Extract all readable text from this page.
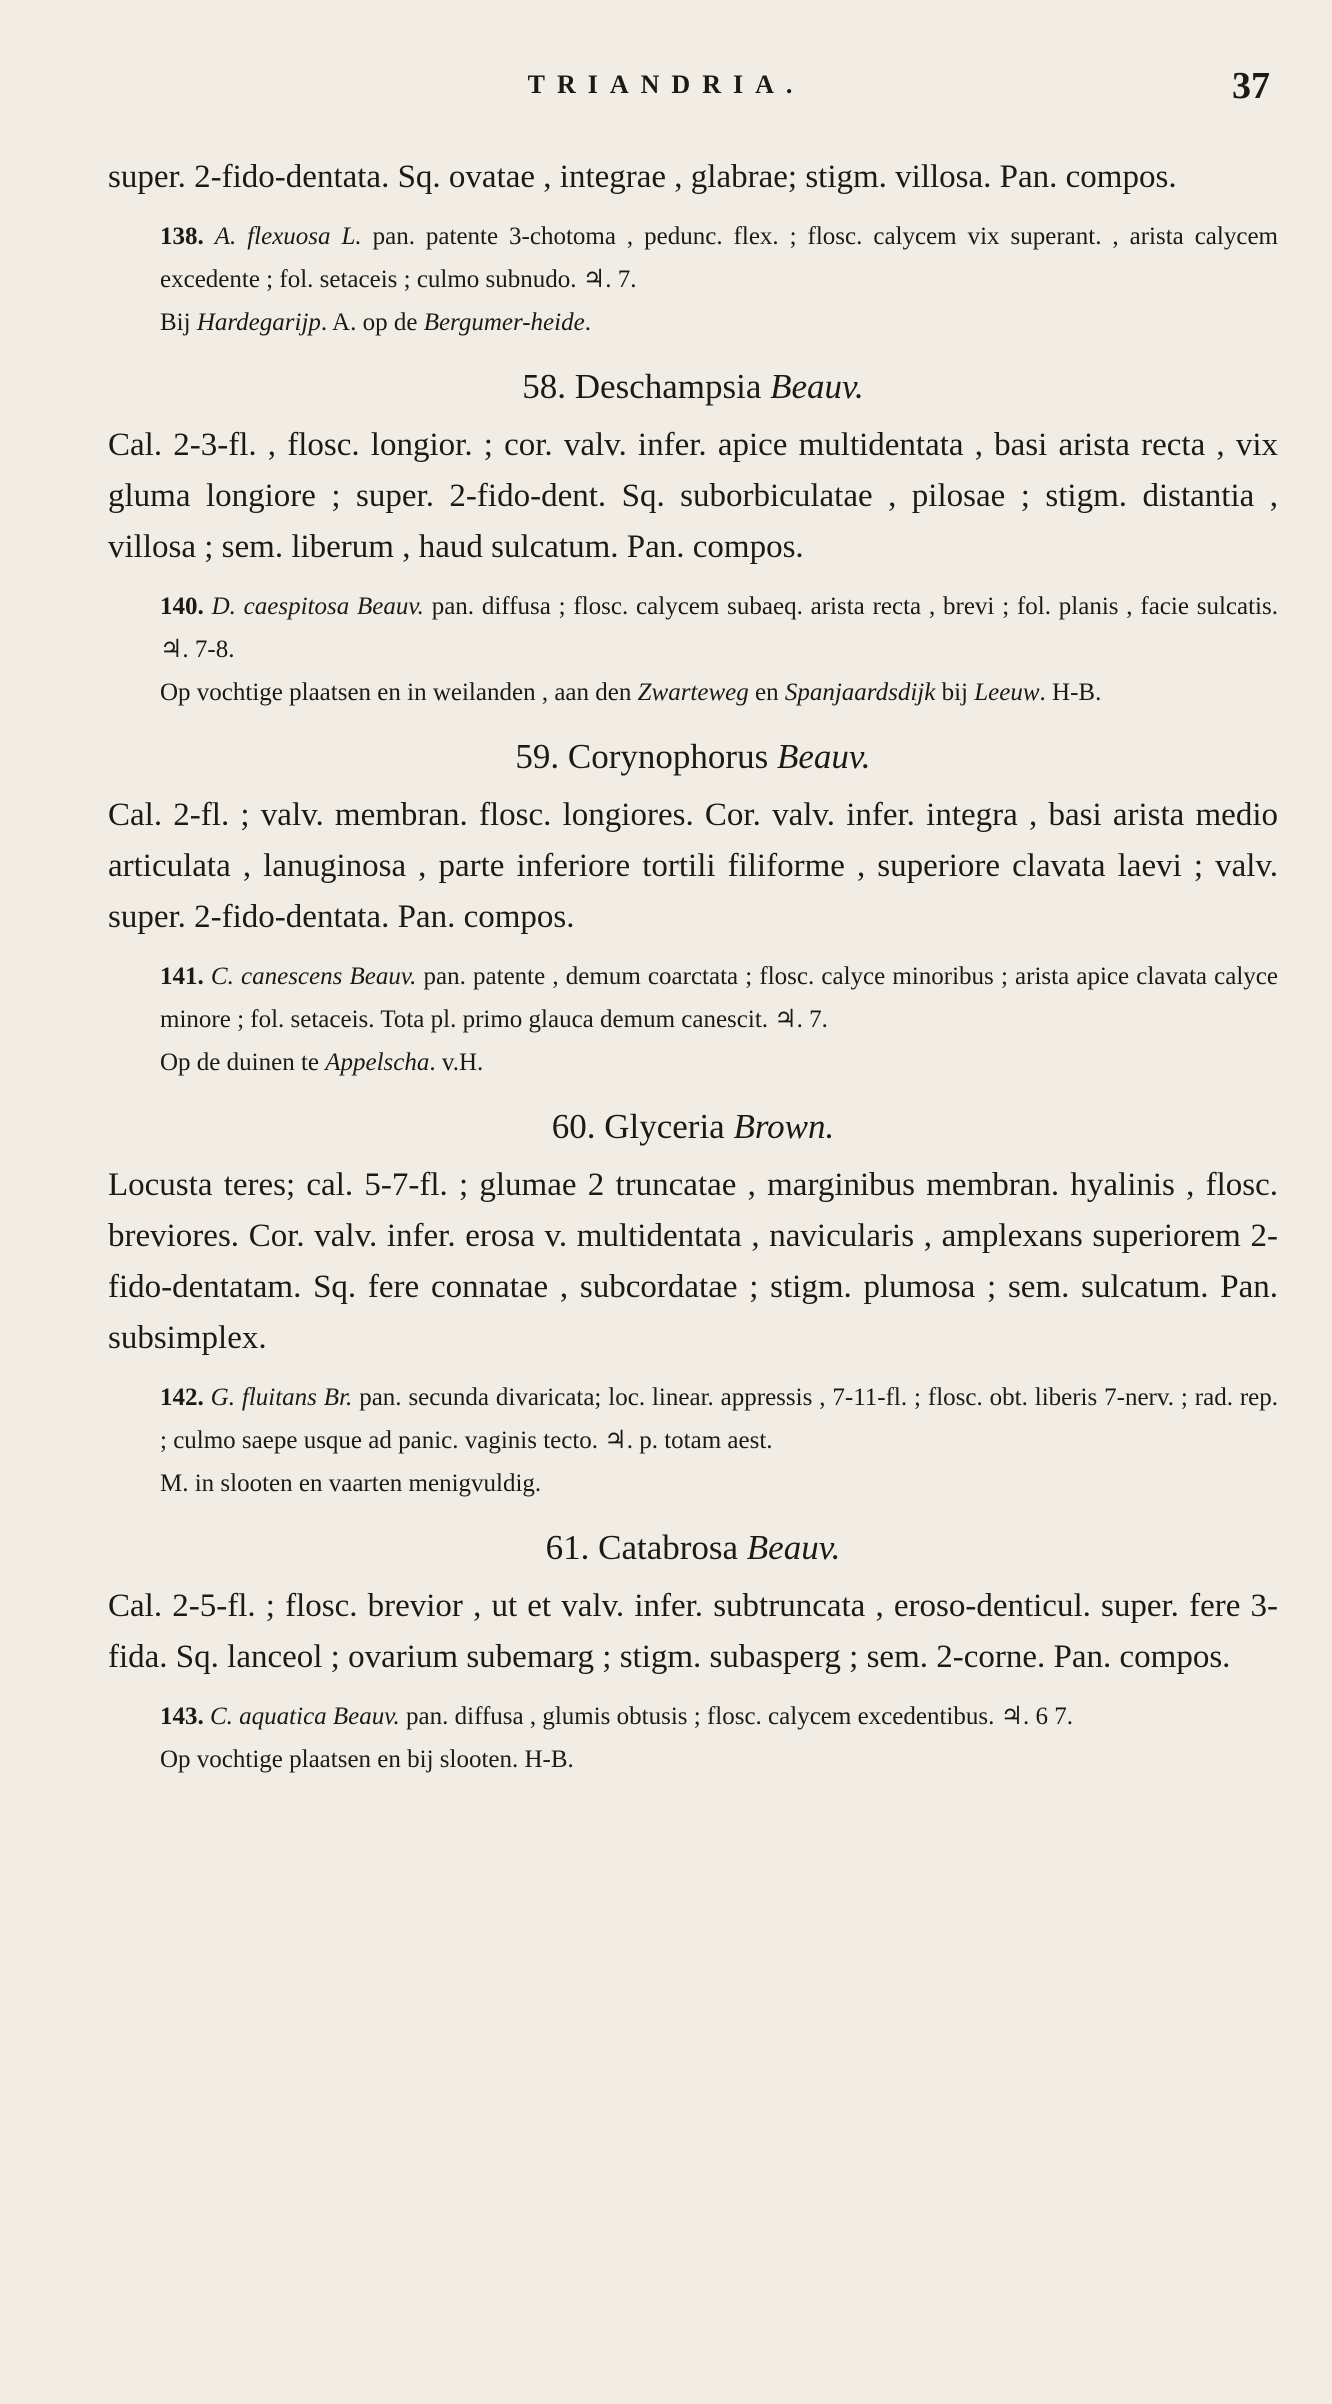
TRIANDRIA.	37

super. 2-fido-dentata. Sq. ovatae , integrae , glabrae; stigm. villosa. Pan. compos.

138. A. flexuosa L. pan. patente 3-chotoma , pedunc. flex. ; flosc. calycem vix superant. , arista calycem excedente ; fol. setaceis ; culmo subnudo. ♃. 7.

Bij Hardegarijp. A. op de Bergumer-heide.

58. Deschampsia Beauv.

Cal. 2-3-fl. , flosc. longior. ; cor. valv. infer. apice multidentata , basi arista recta , vix gluma longiore ; super. 2-fido-dent. Sq. suborbiculatae , pilosae ; stigm. distantia , villosa ; sem. liberum , haud sulcatum. Pan. compos.

140. D. caespitosa Beauv. pan. diffusa ; flosc. calycem subaeq. arista recta , brevi ; fol. planis , facie sulcatis. ♃. 7-8.

Op vochtige plaatsen en in weilanden , aan den Zwarteweg en Spanjaardsdijk bij Leeuw. H-B.

59. Corynophorus Beauv.

Cal. 2-fl. ; valv. membran. flosc. longiores. Cor. valv. infer. integra , basi arista medio articulata , lanuginosa , parte inferiore tortili filiforme , superiore clavata laevi ; valv. super. 2-fido-dentata. Pan. compos.

141. C. canescens Beauv. pan. patente , demum coarctata ; flosc. calyce minoribus ; arista apice clavata calyce minore ; fol. setaceis. Tota pl. primo glauca demum canescit. ♃. 7.

Op de duinen te Appelscha. v.H.

60. Glyceria Brown.

Locusta teres; cal. 5-7-fl. ; glumae 2 truncatae , marginibus membran. hyalinis , flosc. breviores. Cor. valv. infer. erosa v. multidentata , navicularis , amplexans superiorem 2-fido-dentatam. Sq. fere connatae , subcordatae ; stigm. plumosa ; sem. sulcatum. Pan. subsimplex.

142. G. fluitans Br. pan. secunda divaricata; loc. linear. appressis , 7-11-fl. ; flosc. obt. liberis 7-nerv. ; rad. rep. ; culmo saepe usque ad panic. vaginis tecto. ♃. p. totam aest.

M. in slooten en vaarten menigvuldig.

61. Catabrosa Beauv.

Cal. 2-5-fl. ; flosc. brevior , ut et valv. infer. subtruncata , eroso-denticul. super. fere 3-fida. Sq. lanceol ; ovarium subemarg ; stigm. subasperg ; sem. 2-corne. Pan. compos.

143. C. aquatica Beauv. pan. diffusa , glumis obtusis ; flosc. calycem excedentibus. ♃. 6 7.

Op vochtige plaatsen en bij slooten. H-B.
